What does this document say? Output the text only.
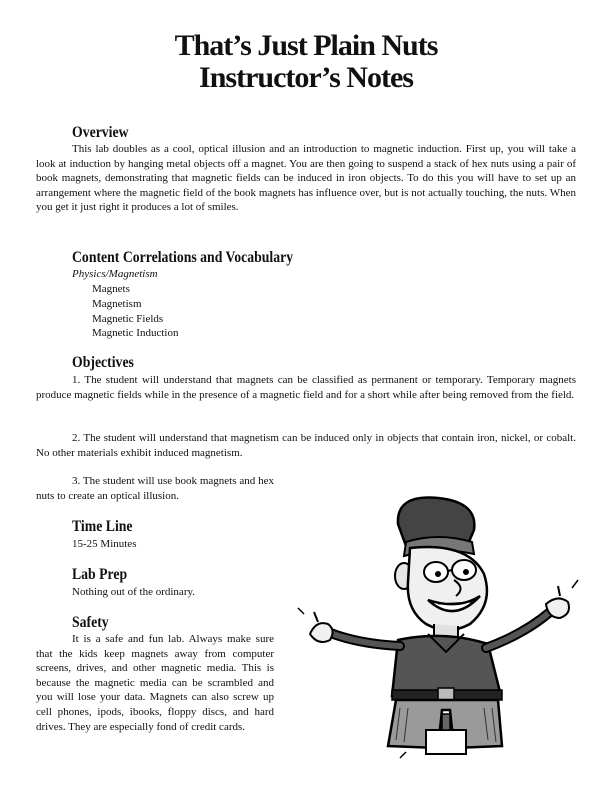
That’s Just Plain Nuts
Instructor’s Notes
Overview
This lab doubles as a cool, optical illusion and an introduction to magnetic induction. First up, you will take a look at induction by hanging metal objects off a magnet. You are then going to suspend a stack of hex nuts using a pair of book magnets, demonstrating that magnetic fields can be induced in iron objects. To do this you will have to set up an arrangement where the magnetic field of the book magnets has influence over, but is not actually touching, the nuts. When you get it just right it produces a lot of smiles.
Content Correlations and Vocabulary
Physics/Magnetism
Magnets
Magnetism
Magnetic Fields
Magnetic Induction
Objectives
1. The student will understand that magnets can be classified as permanent or temporary. Temporary magnets produce magnetic fields while in the presence of a magnetic field and for a short while after being removed from the field.
2. The student will understand that magnetism can be induced only in objects that contain iron, nickel, or cobalt. No other materials exhibit induced magnetism.
3. The student will use book magnets and hex nuts to create an optical illusion.
Time Line
15-25 Minutes
Lab Prep
Nothing out of the ordinary.
Safety
It is a safe and fun lab. Always make sure that the kids keep magnets away from computer screens, drives, and other magnetic media. This is because the magnetic media can be scrambled and you will lose your data. Magnets can also screw up cell phones, ipods, ibooks, floppy discs, and hard drives. They are especially fond of credit cards.
